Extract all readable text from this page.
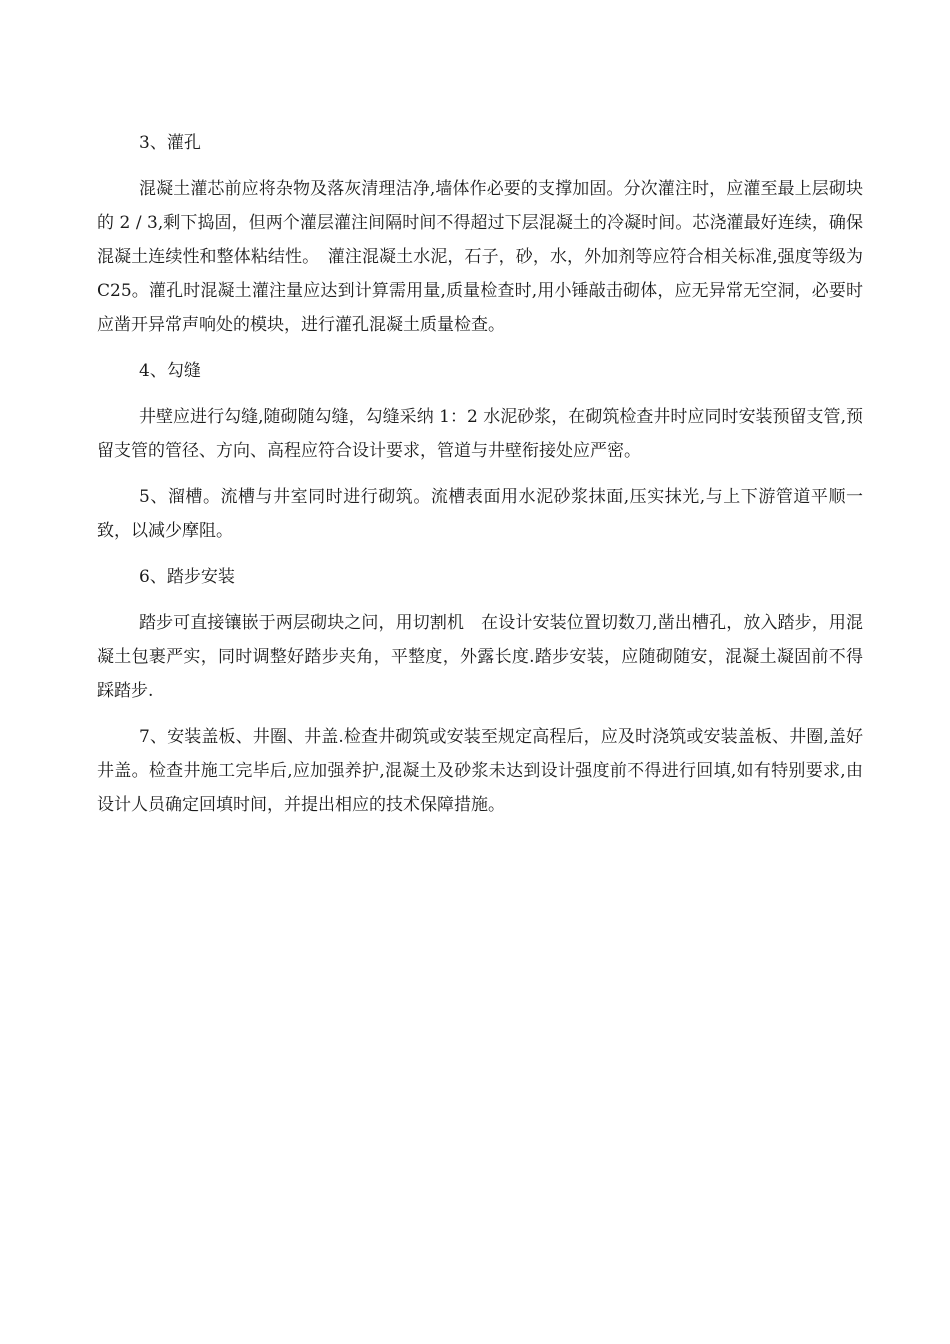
3、灌孔
混凝土灌芯前应将杂物及落灰清理洁净,墙体作必要的支撑加固。分次灌注时，应灌至最上层砌块的 2 / 3,剩下捣固，但两个灌层灌注间隔时间不得超过下层混凝土的冷凝时间。芯浇灌最好连续，确保混凝土连续性和整体粘结性。　灌注混凝土水泥，石子，砂，水，外加剂等应符合相关标准,强度等级为 C25。灌孔时混凝土灌注量应达到计算需用量,质量检查时,用小锤敲击砌体，应无异常无空洞，必要时应凿开异常声响处的模块，进行灌孔混凝土质量检查。
4、勾缝
井壁应进行勾缝,随砌随勾缝，勾缝采纳 1：2 水泥砂浆，在砌筑检查井时应同时安装预留支管,预留支管的管径、方向、高程应符合设计要求，管道与井壁衔接处应严密。
5、溜槽。流槽与井室同时进行砌筑。流槽表面用水泥砂浆抹面,压实抹光,与上下游管道平顺一致，以减少摩阻。
6、踏步安装
踏步可直接镶嵌于两层砌块之问，用切割机　在设计安装位置切数刀,凿出槽孔，放入踏步，用混凝土包裹严实，同时调整好踏步夹角，平整度，外露长度.踏步安装，应随砌随安，混凝土凝固前不得踩踏步.
7、安装盖板、井圈、井盖.检查井砌筑或安装至规定高程后，应及时浇筑或安装盖板、井圈,盖好井盖。检查井施工完毕后,应加强养护,混凝土及砂浆未达到设计强度前不得进行回填,如有特别要求,由设计人员确定回填时间，并提出相应的技术保障措施。
